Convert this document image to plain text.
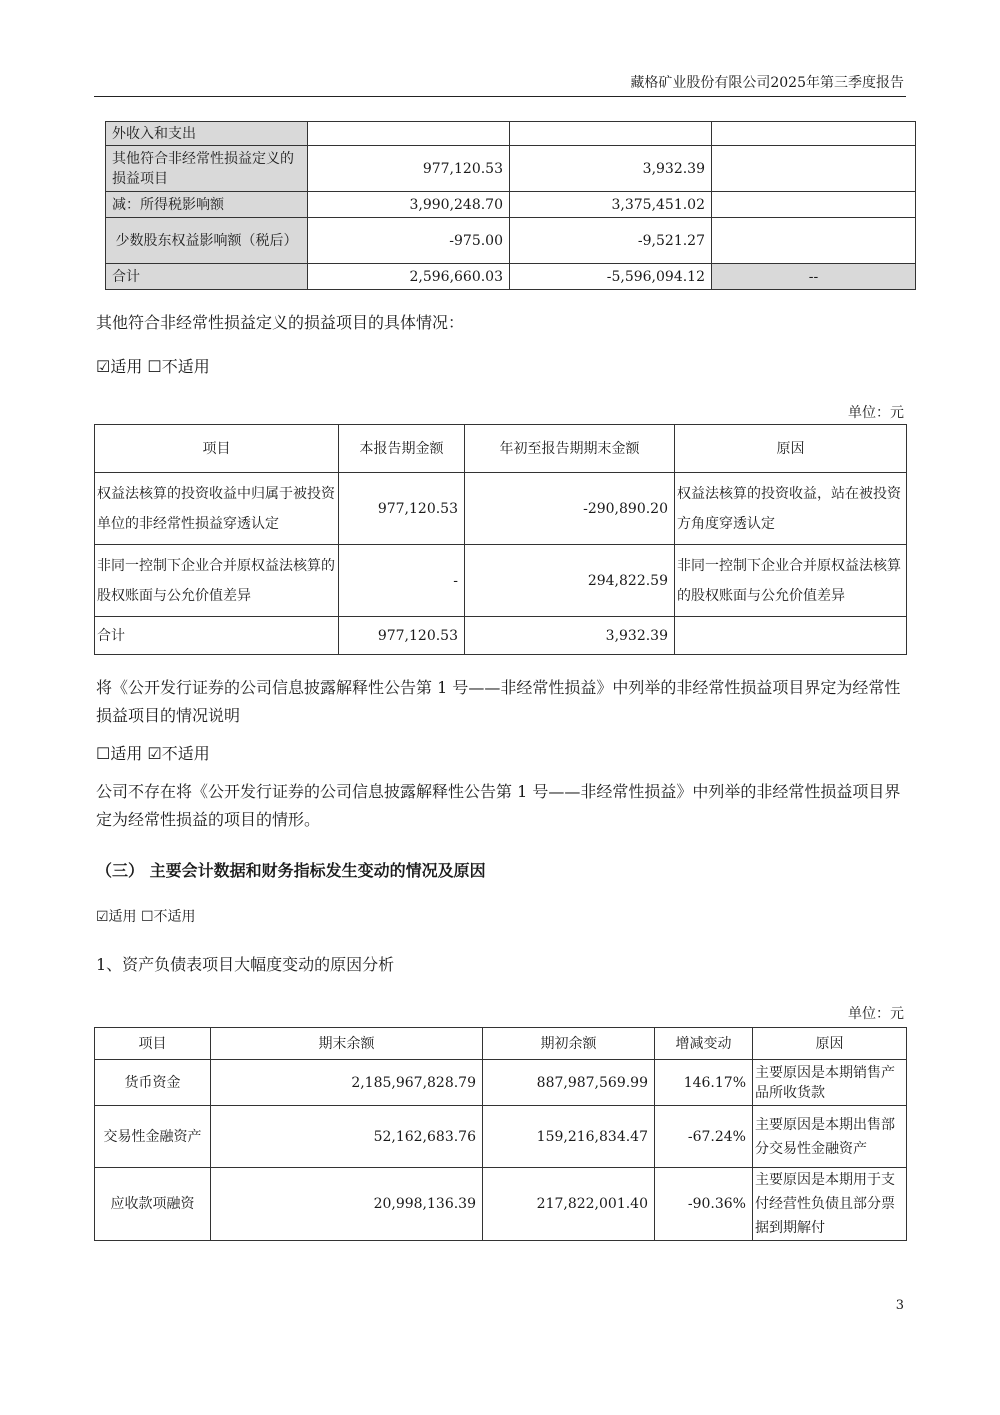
藏格矿业股份有限公司2025年第三季度报告
外收入和支出			
其他符合非经常性损益定义的损益项目	977,120.53	3,932.39	
减：所得税影响额	3,990,248.70	3,375,451.02	
少数股东权益影响额（税后）	-975.00	-9,521.27	
合计	2,596,660.03	-5,596,094.12	--
其他符合非经常性损益定义的损益项目的具体情况：
☑适用 ☐不适用
单位：元
项目	本报告期金额	年初至报告期期末金额	原因
权益法核算的投资收益中归属于被投资单位的非经常性损益穿透认定	977,120.53	-290,890.20	权益法核算的投资收益，站在被投资方角度穿透认定
非同一控制下企业合并原权益法核算的股权账面与公允价值差异	-	294,822.59	非同一控制下企业合并原权益法核算的股权账面与公允价值差异
合计	977,120.53	3,932.39	
将《公开发行证券的公司信息披露解释性公告第 1 号——非经常性损益》中列举的非经常性损益项目界定为经常性损益项目的情况说明
☐适用 ☑不适用
公司不存在将《公开发行证券的公司信息披露解释性公告第 1 号——非经常性损益》中列举的非经常性损益项目界定为经常性损益的项目的情形。
（三） 主要会计数据和财务指标发生变动的情况及原因
☑适用 ☐不适用
1、资产负债表项目大幅度变动的原因分析
单位：元
项目	期末余额	期初余额	增减变动	原因
货币资金	2,185,967,828.79	887,987,569.99	146.17%	主要原因是本期销售产品所收货款
交易性金融资产	52,162,683.76	159,216,834.47	-67.24%	主要原因是本期出售部分交易性金融资产
应收款项融资	20,998,136.39	217,822,001.40	-90.36%	主要原因是本期用于支付经营性负债且部分票据到期解付
3
